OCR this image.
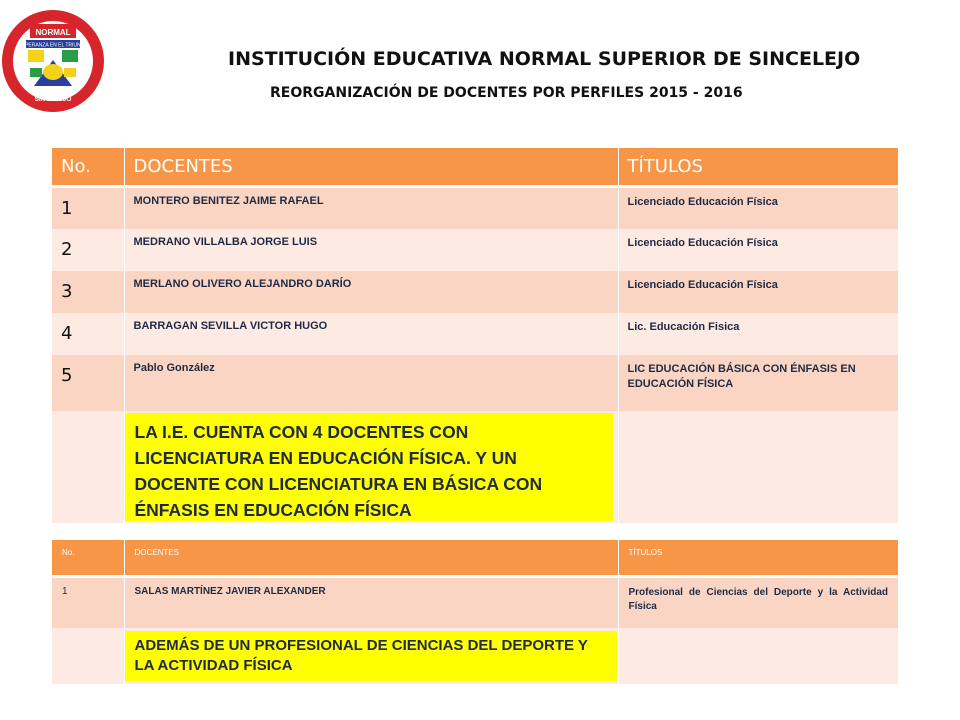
NORMAL
ESPERANZA EN EL TRIUNFO
SINCELEJO
INSTITUCIÓN EDUCATIVA NORMAL SUPERIOR DE SINCELEJO
REORGANIZACIÓN DE DOCENTES POR PERFILES 2015 - 2016
No.	DOCENTES	TÍTULOS
1	MONTERO BENITEZ JAIME RAFAEL	Licenciado Educación Física
2	MEDRANO VILLALBA JORGE LUIS	Licenciado Educación Física
3	MERLANO OLIVERO ALEJANDRO DARÍO	Licenciado Educación Física
4	BARRAGAN SEVILLA VICTOR HUGO	Lic. Educación Fisica
5	Pablo González	LIC EDUCACIÓN BÁSICA CON ÉNFASIS EN EDUCACIÓN FÍSICA

	LA I.E. CUENTA CON 4 DOCENTES CON LICENCIATURA EN EDUCACIÓN FÍSICA. Y UN DOCENTE CON LICENCIATURA EN BÁSICA CON ÉNFASIS EN EDUCACIÓN FÍSICA	

No.	DOCENTES	TÍTULOS
1	SALAS MARTÍNEZ JAVIER ALEXANDER	Profesional de Ciencias del Deporte y la Actividad Física

	ADEMÁS DE UN PROFESIONAL DE CIENCIAS DEL DEPORTE Y LA ACTIVIDAD FÍSICA	
